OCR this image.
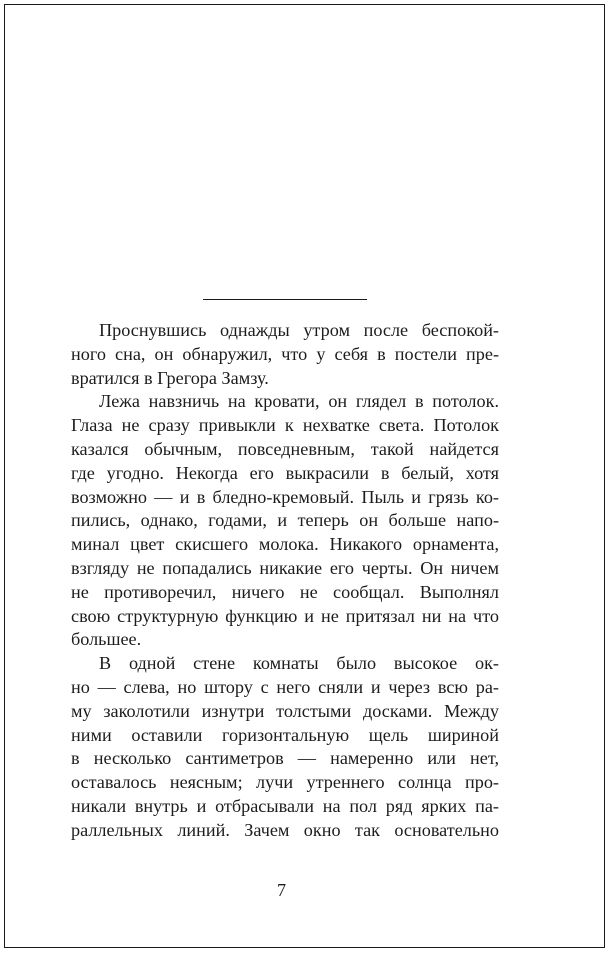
Проснувшись однажды утром после беспокой-
ного сна, он обнаружил, что у себя в постели пре-
вратился в Грегора Замзу.
Лежа навзничь на кровати, он глядел в потолок.
Глаза не сразу привыкли к нехватке света. Потолок
казался обычным, повседневным, такой найдется
где угодно. Некогда его выкрасили в белый, хотя
возможно — и в бледно-кремовый. Пыль и грязь ко-
пились, однако, годами, и теперь он больше напо-
минал цвет скисшего молока. Никакого орнамента,
взгляду не попадались никакие его черты. Он ничем
не противоречил, ничего не сообщал. Выполнял
свою структурную функцию и не притязал ни на что
большее.
В одной стене комнаты было высокое ок-
но — слева, но штору с него сняли и через всю ра-
му заколотили изнутри толстыми досками. Между
ними оставили горизонтальную щель шириной
в несколько сантиметров — намеренно или нет,
оставалось неясным; лучи утреннего солнца про-
никали внутрь и отбрасывали на пол ряд ярких па-
раллельных линий. Зачем окно так основательно
7
